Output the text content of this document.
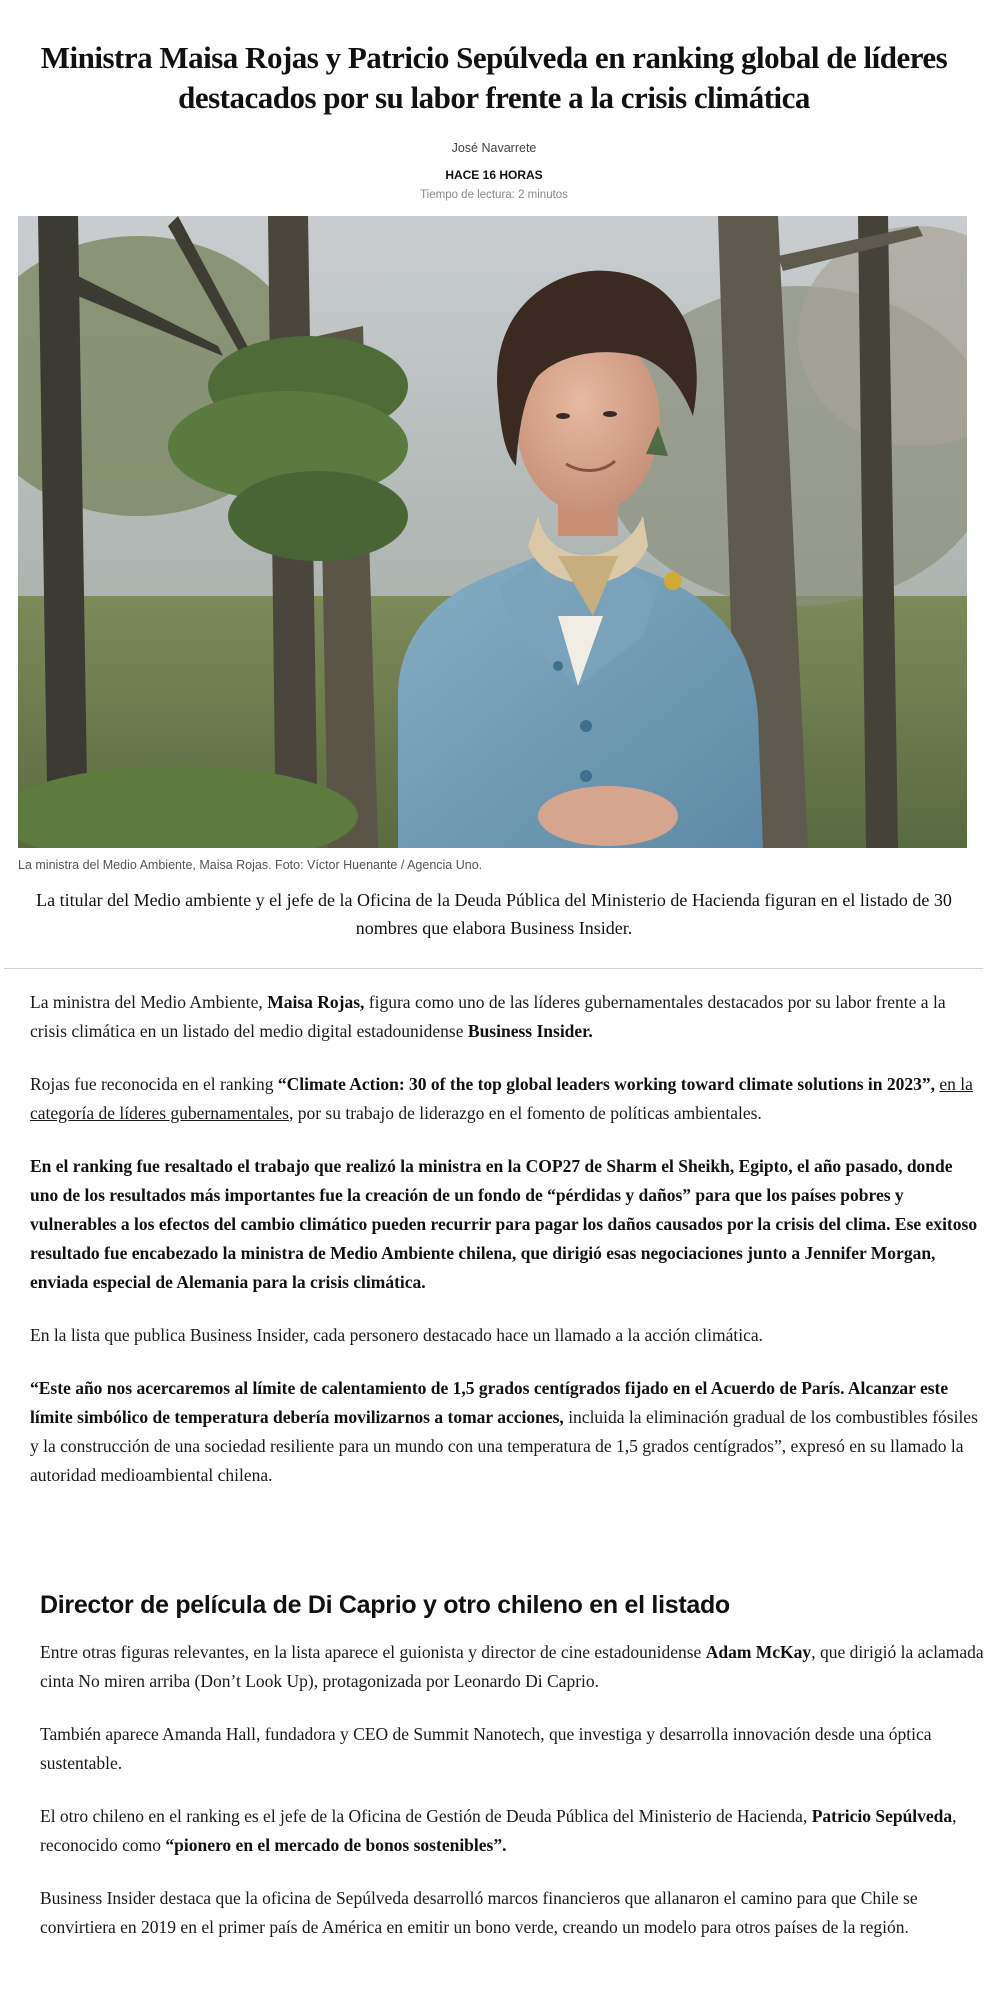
Ministra Maisa Rojas y Patricio Sepúlveda en ranking global de líderes destacados por su labor frente a la crisis climática
José Navarrete
HACE 16 HORAS
Tiempo de lectura: 2 minutos
La ministra del Medio Ambiente, Maisa Rojas. Foto: Víctor Huenante / Agencia Uno.

La titular del Medio ambiente y el jefe de la Oficina de la Deuda Pública del Ministerio de Hacienda figuran en el listado de 30 nombres que elabora Business Insider.

La ministra del Medio Ambiente, Maisa Rojas, figura como uno de las líderes gubernamentales destacados por su labor frente a la crisis climática en un listado del medio digital estadounidense Business Insider.

Rojas fue reconocida en el ranking “Climate Action: 30 of the top global leaders working toward climate solutions in 2023”, en la categoría de líderes gubernamentales, por su trabajo de liderazgo en el fomento de políticas ambientales.

En el ranking fue resaltado el trabajo que realizó la ministra en la COP27 de Sharm el Sheikh, Egipto, el año pasado, donde uno de los resultados más importantes fue la creación de un fondo de “pérdidas y daños” para que los países pobres y vulnerables a los efectos del cambio climático pueden recurrir para pagar los daños causados por la crisis del clima. Ese exitoso resultado fue encabezado la ministra de Medio Ambiente chilena, que dirigió esas negociaciones junto a Jennifer Morgan, enviada especial de Alemania para la crisis climática.

En la lista que publica Business Insider, cada personero destacado hace un llamado a la acción climática.

“Este año nos acercaremos al límite de calentamiento de 1,5 grados centígrados fijado en el Acuerdo de París. Alcanzar este límite simbólico de temperatura debería movilizarnos a tomar acciones, incluida la eliminación gradual de los combustibles fósiles y la construcción de una sociedad resiliente para un mundo con una temperatura de 1,5 grados centígrados”, expresó en su llamado la autoridad medioambiental chilena.

Director de película de Di Caprio y otro chileno en el listado

Entre otras figuras relevantes, en la lista aparece el guionista y director de cine estadounidense Adam McKay, que dirigió la aclamada cinta No miren arriba (Don’t Look Up), protagonizada por Leonardo Di Caprio.

También aparece Amanda Hall, fundadora y CEO de Summit Nanotech, que investiga y desarrolla innovación desde una óptica sustentable.

El otro chileno en el ranking es el jefe de la Oficina de Gestión de Deuda Pública del Ministerio de Hacienda, Patricio Sepúlveda, reconocido como “pionero en el mercado de bonos sostenibles”.

Business Insider destaca que la oficina de Sepúlveda desarrolló marcos financieros que allanaron el camino para que Chile se convirtiera en 2019 en el primer país de América en emitir un bono verde, creando un modelo para otros países de la región.
